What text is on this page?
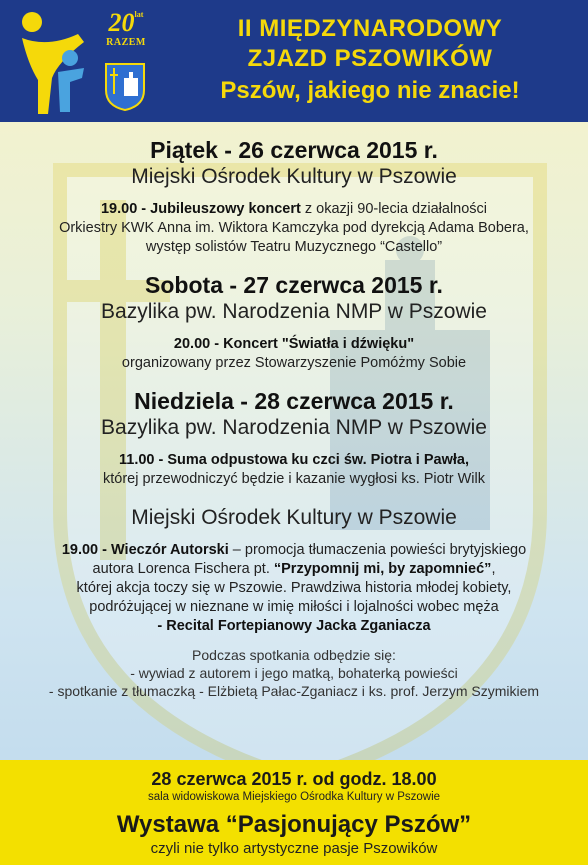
$20^{lat}$
RAZEM
II MIĘDZYNARODOWY
ZJAZD PSZOWIKÓW
Pszów, jakiego nie znacie!
Piątek - 26 czerwca 2015 r.
Miejski Ośrodek Kultury w Pszowie
19.00 - Jubileuszowy koncert z okazji 90-lecia działalności
Orkiestry KWK Anna im. Wiktora Kamczyka pod dyrekcją Adama Bobera,
występ solistów Teatru Muzycznego “Castello”
Sobota - 27 czerwca 2015 r.
Bazylika pw. Narodzenia NMP w Pszowie
20.00 - Koncert "Światła i dźwięku"
organizowany przez Stowarzyszenie Pomóżmy Sobie
Niedziela - 28 czerwca 2015 r.
Bazylika pw. Narodzenia NMP w Pszowie
11.00 - Suma odpustowa ku czci św. Piotra i Pawła,
której przewodniczyć będzie i kazanie wygłosi ks. Piotr Wilk
Miejski Ośrodek Kultury w Pszowie
19.00 - Wieczór Autorski – promocja tłumaczenia powieści brytyjskiego
autora Lorenca Fischera pt. “Przypomnij mi, by zapomnieć”,
której akcja toczy się w Pszowie. Prawdziwa historia młodej kobiety,
podróżującej w nieznane w imię miłości i lojalności wobec męża
- Recital Fortepianowy Jacka Zganiacza
Podczas spotkania odbędzie się:
- wywiad z autorem i jego matką, bohaterką powieści
- spotkanie z tłumaczką - Elżbietą Pałac-Zganiacz i ks. prof. Jerzym Szymikiem
28 czerwca 2015 r. od godz. 18.00
sala widowiskowa Miejskiego Ośrodka Kultury w Pszowie
Wystawa “Pasjonujący Pszów”
czyli nie tylko artystyczne pasje Pszowików
